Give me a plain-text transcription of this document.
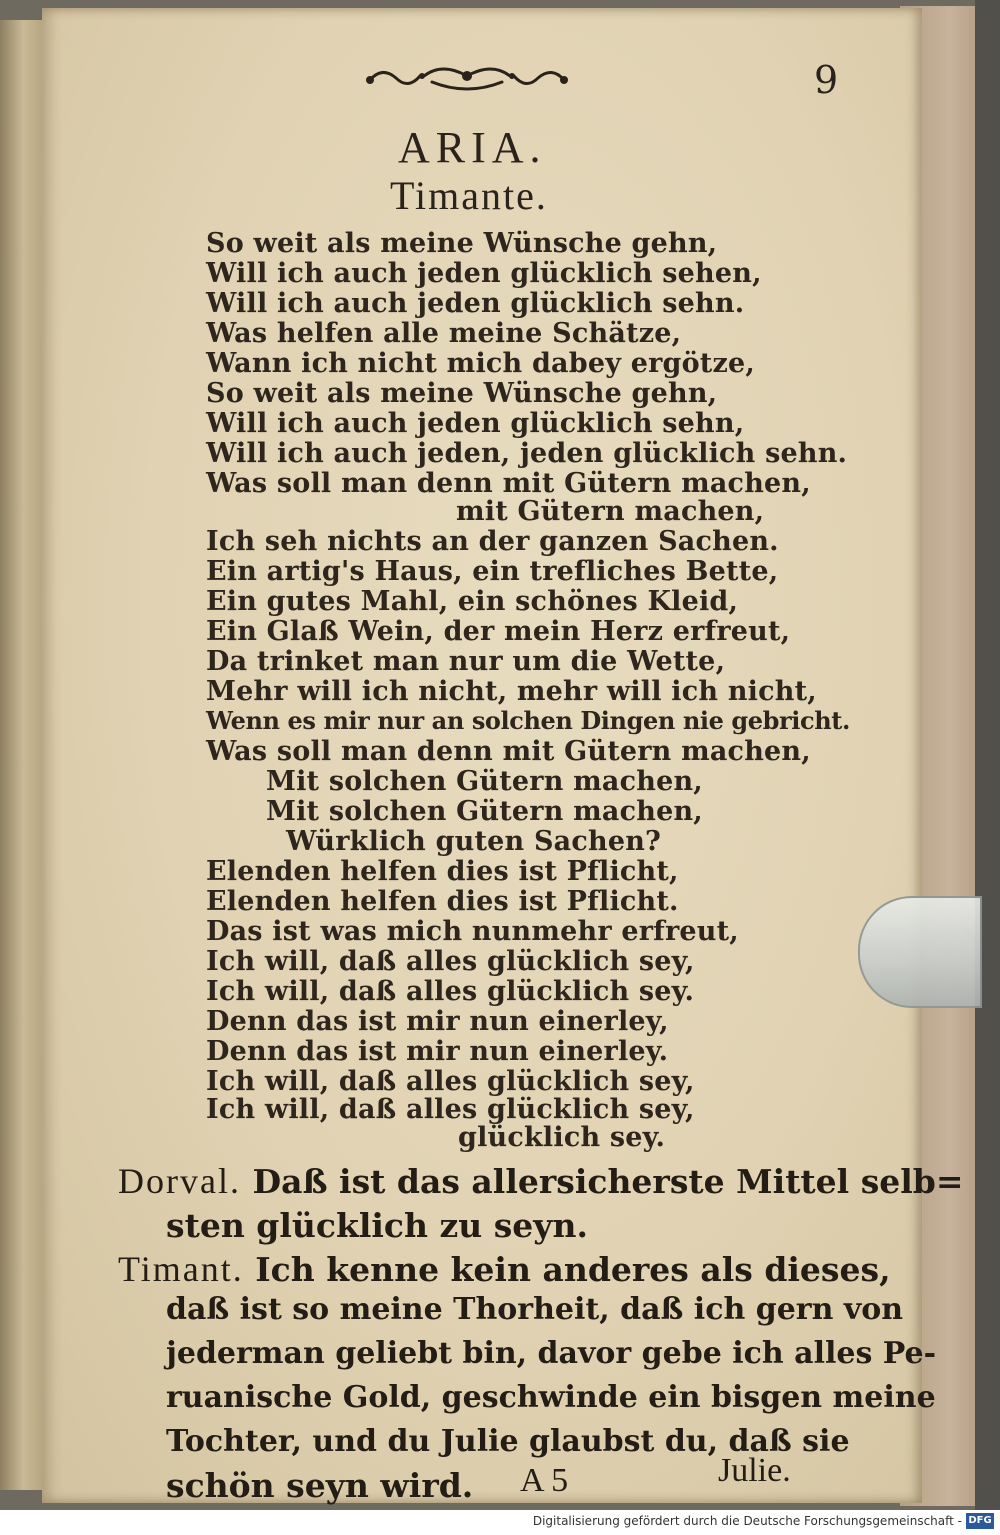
9
ARIA.
Timante.
So weit als meine Wünsche gehn,
Will ich auch jeden glücklich sehen,
Will ich auch jeden glücklich sehn.
Was helfen alle meine Schätze,
Wann ich nicht mich dabey ergötze,
So weit als meine Wünsche gehn,
Will ich auch jeden glücklich sehn,
Will ich auch jeden, jeden glücklich sehn.
Was soll man denn mit Gütern machen,
mit Gütern machen,
Ich seh nichts an der ganzen Sachen.
Ein artig's Haus, ein trefliches Bette,
Ein gutes Mahl, ein schönes Kleid,
Ein Glaß Wein, der mein Herz erfreut,
Da trinket man nur um die Wette,
Mehr will ich nicht, mehr will ich nicht,
Wenn es mir nur an solchen Dingen nie gebricht.
Was soll man denn mit Gütern machen,
Mit solchen Gütern machen,
Mit solchen Gütern machen,
Würklich guten Sachen?
Elenden helfen dies ist Pflicht,
Elenden helfen dies ist Pflicht.
Das ist was mich nunmehr erfreut,
Ich will, daß alles glücklich sey,
Ich will, daß alles glücklich sey.
Denn das ist mir nun einerley,
Denn das ist mir nun einerley.
Ich will, daß alles glücklich sey,
Ich will, daß alles glücklich sey,
glücklich sey.
Dorval. Daß ist das allersicherste Mittel selb=
sten glücklich zu seyn.
Timant. Ich kenne kein anderes als dieses,
daß ist so meine Thorheit, daß ich gern von
jederman geliebt bin, davor gebe ich alles Pe-
ruanische Gold, geschwinde ein bisgen meine
Tochter, und du Julie glaubst du, daß sie
schön seyn wird. A 5	Julie.
Digitalisierung gefördert durch die Deutsche Forschungsgemeinschaft - DFG
